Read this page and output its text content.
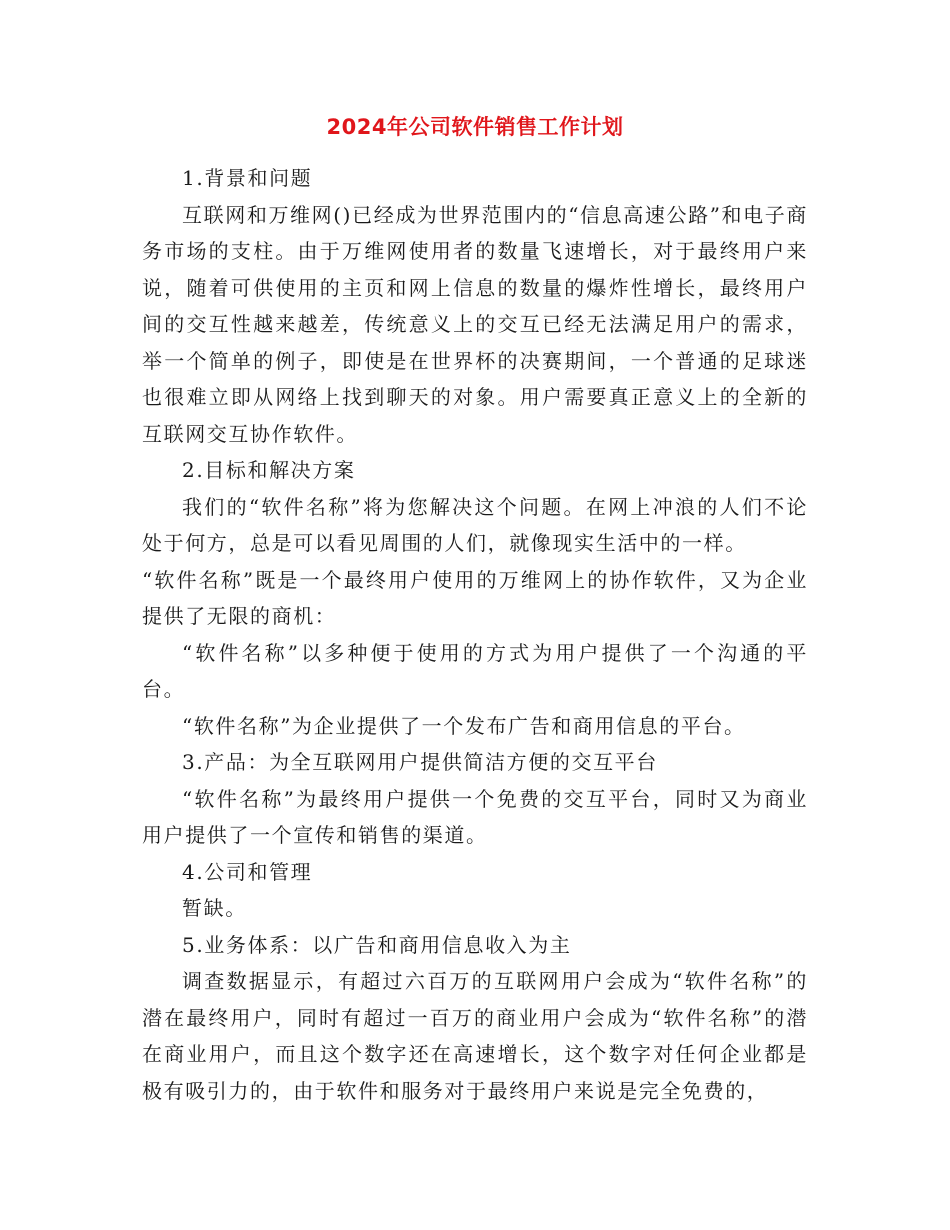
2024年公司软件销售工作计划

1.背景和问题

互联网和万维网()已经成为世界范围内的“信息高速公路”和电子商务市场的支柱。由于万维网使用者的数量飞速增长，对于最终用户来说，随着可供使用的主页和网上信息的数量的爆炸性增长，最终用户间的交互性越来越差，传统意义上的交互已经无法满足用户的需求，举一个简单的例子，即使是在世界杯的决赛期间，一个普通的足球迷也很难立即从网络上找到聊天的对象。用户需要真正意义上的全新的互联网交互协作软件。

2.目标和解决方案

我们的“软件名称”将为您解决这个问题。在网上冲浪的人们不论处于何方，总是可以看见周围的人们，就像现实生活中的一样。

“软件名称”既是一个最终用户使用的万维网上的协作软件，又为企业提供了无限的商机：

“软件名称”以多种便于使用的方式为用户提供了一个沟通的平台。

“软件名称”为企业提供了一个发布广告和商用信息的平台。

3.产品：为全互联网用户提供简洁方便的交互平台

“软件名称”为最终用户提供一个免费的交互平台，同时又为商业用户提供了一个宣传和销售的渠道。

4.公司和管理

暂缺。

5.业务体系：以广告和商用信息收入为主

调查数据显示，有超过六百万的互联网用户会成为“软件名称”的潜在最终用户，同时有超过一百万的商业用户会成为“软件名称”的潜在商业用户，而且这个数字还在高速增长，这个数字对任何企业都是极有吸引力的，由于软件和服务对于最终用户来说是完全免费的，
